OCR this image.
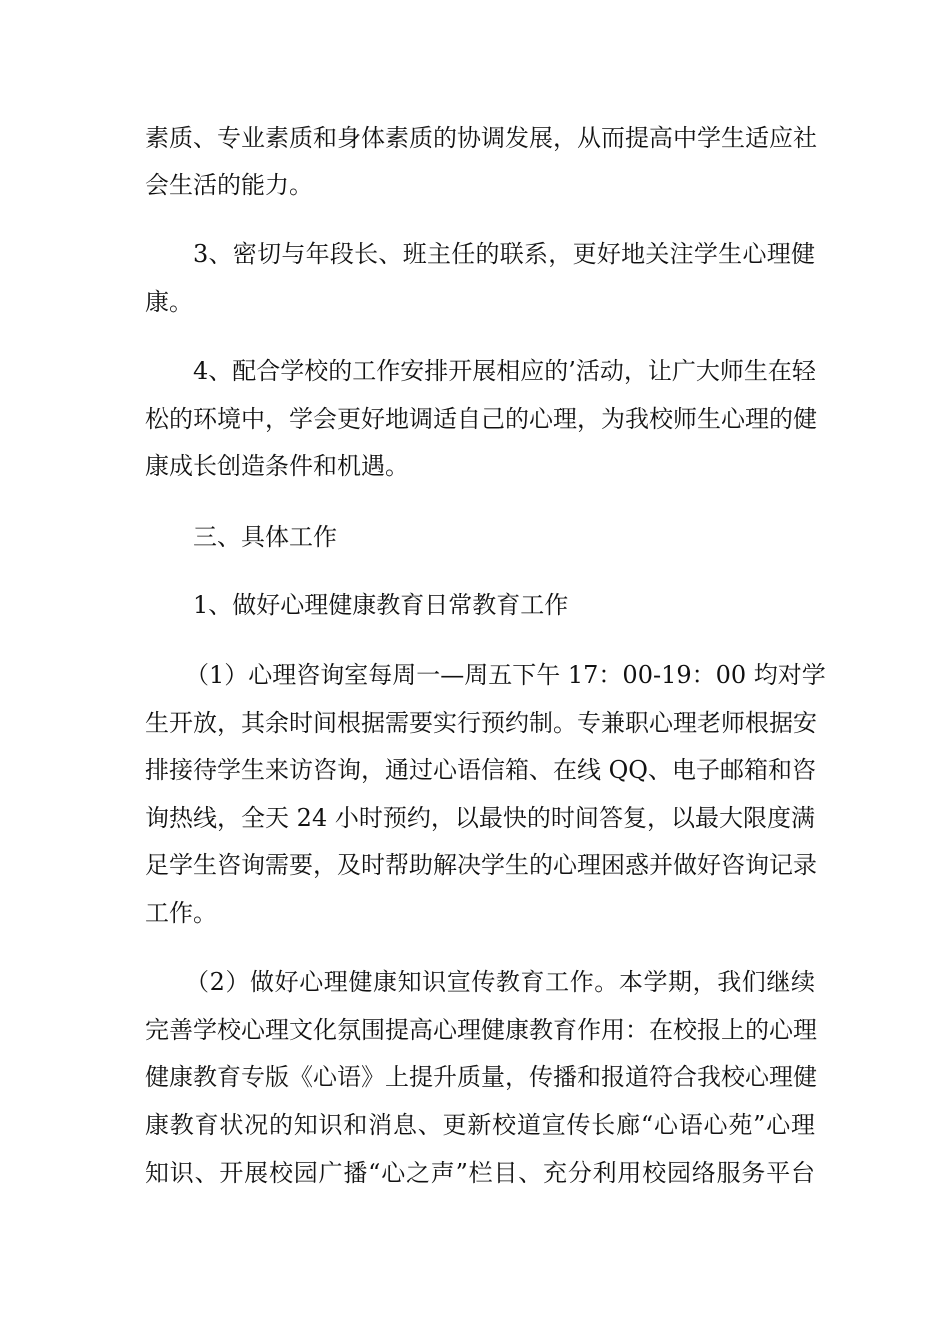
素质、专业素质和身体素质的协调发展，从而提高中学生适应社
会生活的能力。
3、密切与年段长、班主任的联系，更好地关注学生心理健
康。
4、配合学校的工作安排开展相应的’活动，让广大师生在轻
松的环境中，学会更好地调适自己的心理，为我校师生心理的健
康成长创造条件和机遇。
三、具体工作
1、做好心理健康教育日常教育工作
（1）心理咨询室每周一—周五下午 17：00-19：00 均对学
生开放，其余时间根据需要实行预约制。专兼职心理老师根据安
排接待学生来访咨询，通过心语信箱、在线 QQ、电子邮箱和咨
询热线，全天 24 小时预约，以最快的时间答复，以最大限度满
足学生咨询需要，及时帮助解决学生的心理困惑并做好咨询记录
工作。
（2）做好心理健康知识宣传教育工作。本学期，我们继续
完善学校心理文化氛围提高心理健康教育作用：在校报上的心理
健康教育专版《心语》上提升质量，传播和报道符合我校心理健
康教育状况的知识和消息、更新校道宣传长廊“心语心苑”心理
知识、开展校园广播“心之声”栏目、充分利用校园络服务平台
